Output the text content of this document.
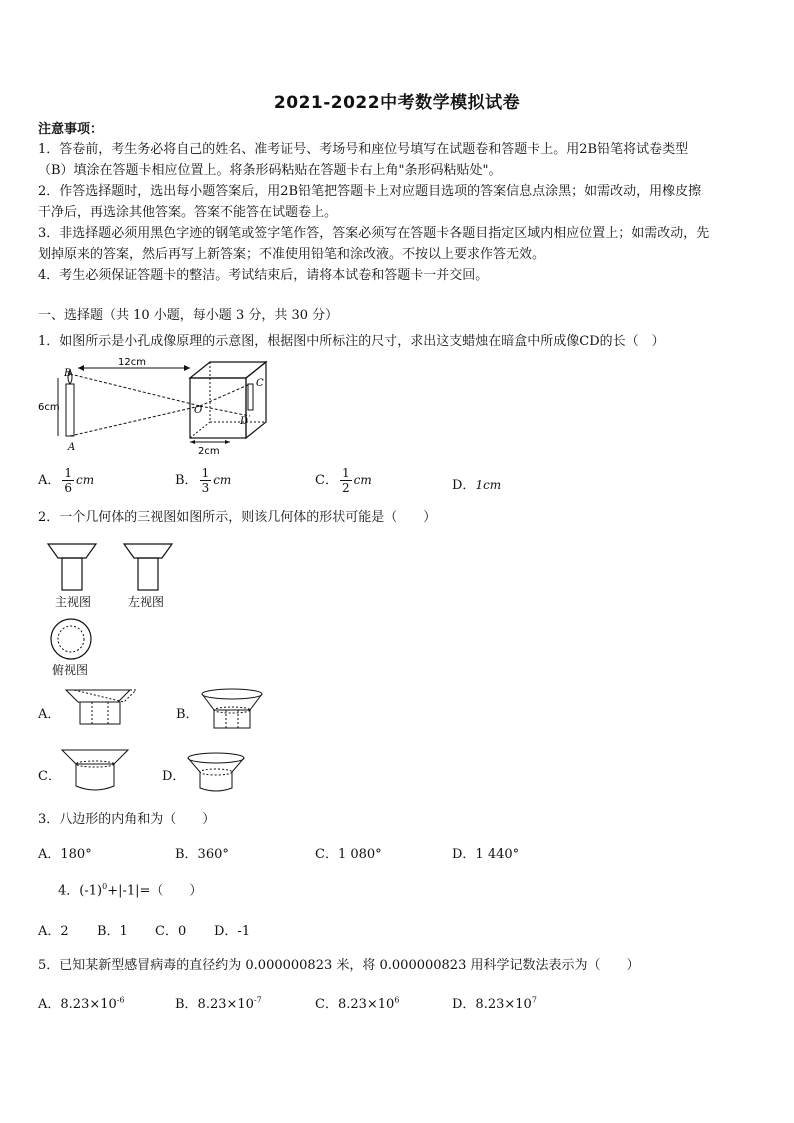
2021-2022中考数学模拟试卷
注意事项：
1．答卷前，考生务必将自己的姓名、准考证号、考场号和座位号填写在试题卷和答题卡上。用2B铅笔将试卷类型
（B）填涂在答题卡相应位置上。将条形码粘贴在答题卡右上角"条形码粘贴处"。
2．作答选择题时，选出每小题答案后，用2B铅笔把答题卡上对应题目选项的答案信息点涂黑；如需改动，用橡皮擦
干净后，再选涂其他答案。答案不能答在试题卷上。
3．非选择题必须用黑色字迹的钢笔或签字笔作答，答案必须写在答题卡各题目指定区域内相应位置上；如需改动，先
划掉原来的答案，然后再写上新答案；不准使用铅笔和涂改液。不按以上要求作答无效。
4．考生必须保证答题卡的整洁。考试结束后，请将本试卷和答题卡一并交回。
一、选择题（共 10 小题，每小题 3 分，共 30 分）
1．如图所示是小孔成像原理的示意图，根据图中所标注的尺寸，求出这支蜡烛在暗盒中所成像CD的长（　）
12cm
6cm
B
A
O
C
D
2cm
A． $\frac{1}{6}$ cm	B． $\frac{1}{3}$ cm	C． $\frac{1}{2}$ cm	D．1cm
2．一个几何体的三视图如图所示，则该几何体的形状可能是（　　）
主视图	左视图
俯视图
A．	B．
C．	D．
3．八边形的内角和为（　　）
A．180°	B．360°	C．1 080°	D．1 440°
4．$(-1)^0+|-1|=$（　　）
A．2 B．1 C．0 D．-1
5．已知某新型感冒病毒的直径约为 0.000000823 米，将 0.000000823 用科学记数法表示为（　　）
A．$8.23\times 10^{-6}$	B．$8.23\times 10^{-7}$	C．$8.23\times 10^6$	D．$8.23\times 10^7$
